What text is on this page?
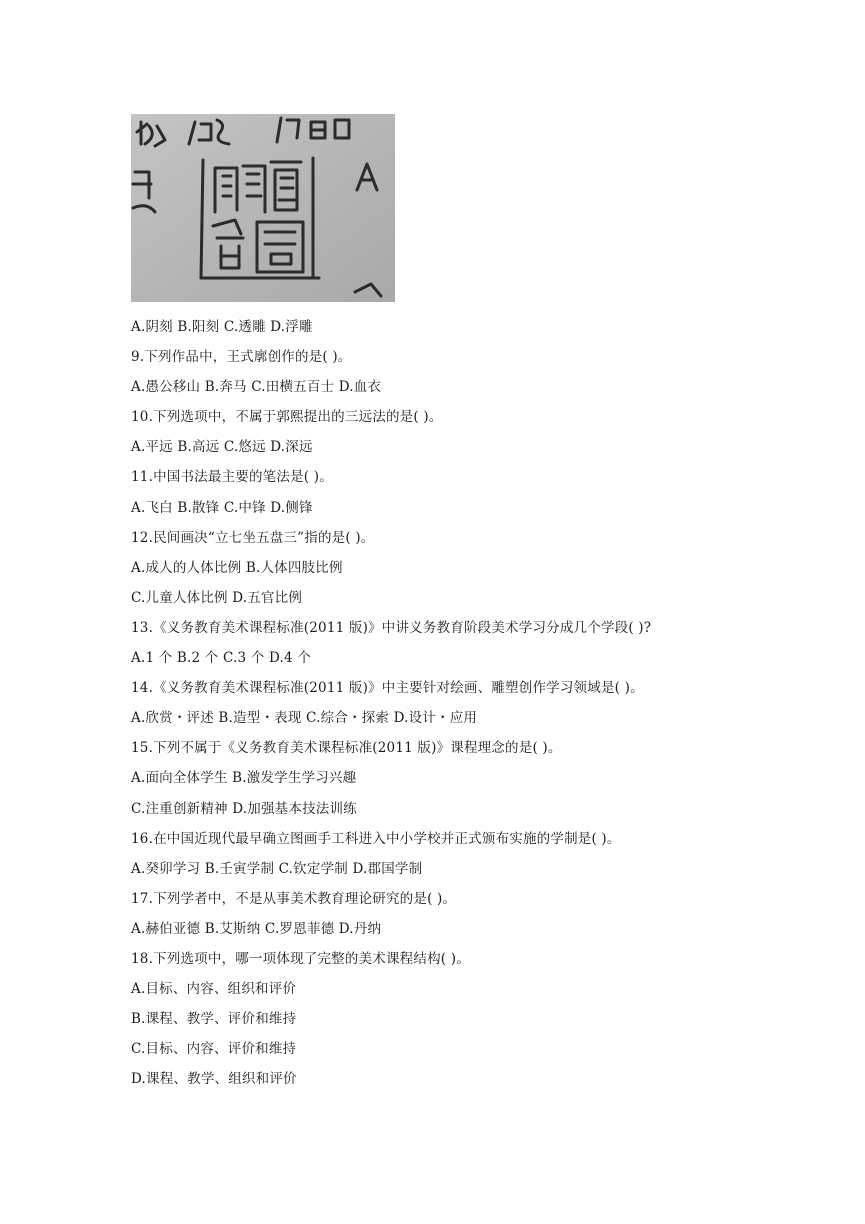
A.阴刻 B.阳刻 C.透雕 D.浮雕
9.下列作品中，王式廓创作的是( )。
A.愚公移山 B.奔马 C.田横五百士 D.血衣
10.下列选项中，不属于郭熙提出的三远法的是( )。
A.平远 B.高远 C.悠远 D.深远
11.中国书法最主要的笔法是( )。
A.飞白 B.散锋 C.中锋 D.侧锋
12.民间画决“立七坐五盘三”指的是( )。
A.成人的人体比例 B.人体四肢比例
C.儿童人体比例 D.五官比例
13.《义务教育美术课程标准(2011 版)》中讲义务教育阶段美术学习分成几个学段( )?
A.1 个 B.2 个 C.3 个 D.4 个
14.《义务教育美术课程标准(2011 版)》中主要针对绘画、雕塑创作学习领域是( )。
A.欣赏・评述 B.造型・表现 C.综合・探索 D.设计・应用
15.下列不属于《义务教育美术课程标准(2011 版)》课程理念的是( )。
A.面向全体学生 B.激发学生学习兴趣
C.注重创新精神 D.加强基本技法训练
16.在中国近现代最早确立图画手工科进入中小学校并正式颁布实施的学制是( )。
A.癸卯学习 B.壬寅学制 C.钦定学制 D.郡国学制
17.下列学者中，不是从事美术教育理论研究的是( )。
A.赫伯亚德 B.艾斯纳 C.罗恩菲德 D.丹纳
18.下列选项中，哪一项体现了完整的美术课程结构( )。
A.目标、内容、组织和评价
B.课程、教学、评价和维持
C.目标、内容、评价和维持
D.课程、教学、组织和评价
